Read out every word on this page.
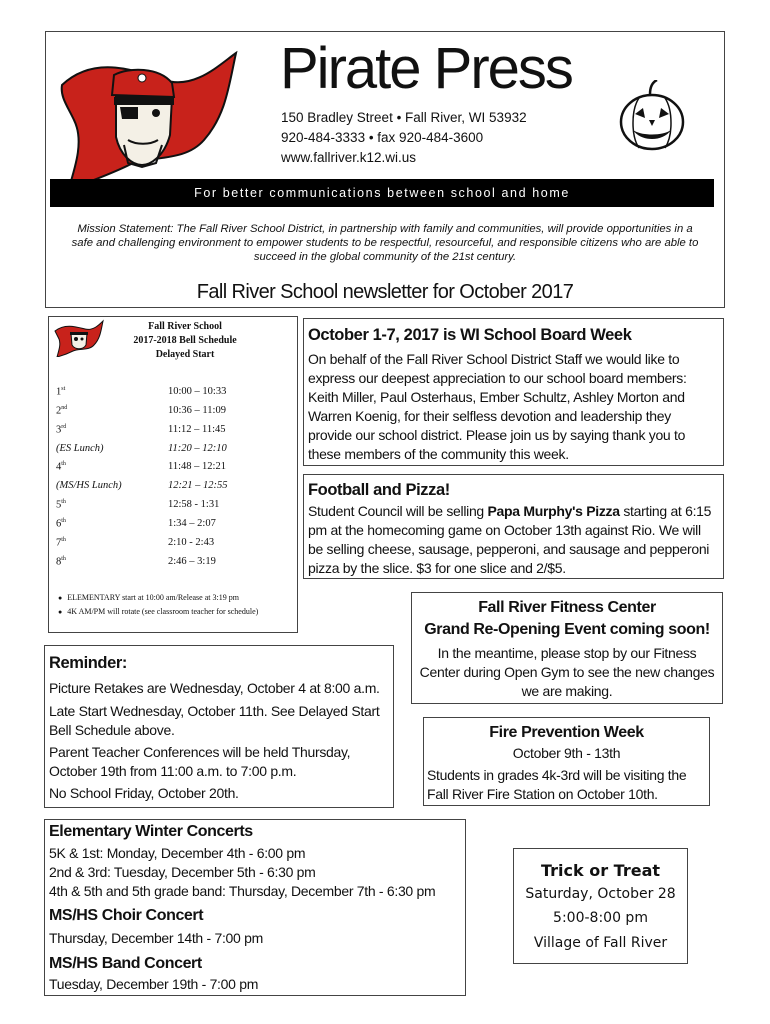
Pirate Press
150 Bradley Street • Fall River, WI 53932
920-484-3333 • fax 920-484-3600
www.fallriver.k12.wi.us
For better communications between school and home
Mission Statement: The Fall River School District, in partnership with family and communities, will provide opportunities in a safe and challenging environment to empower students to be respectful, resourceful, and responsible citizens who are able to succeed in the global community of the 21st century.
Fall River School newsletter for October 2017
Fall River School
2017-2018 Bell Schedule
Delayed Start
1st	10:00 – 10:33
2nd	10:36 – 11:09
3rd	11:12 – 11:45
(ES Lunch)	11:20 – 12:10
4th	11:48 – 12:21
(MS/HS Lunch)	12:21 – 12:55
5th	12:58 - 1:31
6th	1:34 – 2:07
7th	2:10 - 2:43
8th	2:46 – 3:19
● ELEMENTARY start at 10:00 am/Release at 3:19 pm
● 4K AM/PM will rotate (see classroom teacher for schedule)
October 1-7, 2017 is WI School Board Week
On behalf of the Fall River School District Staff we would like to express our deepest appreciation to our school board members: Keith Miller, Paul Osterhaus, Ember Schultz, Ashley Morton and Warren Koenig, for their selfless devotion and leadership they provide our school district. Please join us by saying thank you to these members of the community this week.
Football and Pizza!
Student Council will be selling Papa Murphy's Pizza starting at 6:15 pm at the homecoming game on October 13th against Rio. We will be selling cheese, sausage, pepperoni, and sausage and pepperoni pizza by the slice. $3 for one slice and 2/$5.
Fall River Fitness Center
Grand Re-Opening Event coming soon!
In the meantime, please stop by our Fitness Center during Open Gym to see the new changes we are making.
Reminder:
Picture Retakes are Wednesday, October 4 at 8:00 a.m.
Late Start Wednesday, October 11th. See Delayed Start Bell Schedule above.
Parent Teacher Conferences will be held Thursday, October 19th from 11:00 a.m. to 7:00 p.m.
No School Friday, October 20th.
Fire Prevention Week
October 9th - 13th
Students in grades 4k-3rd will be visiting the Fall River Fire Station on October 10th.
Elementary Winter Concerts
5K & 1st: Monday, December 4th - 6:00 pm
2nd & 3rd: Tuesday, December 5th - 6:30 pm
4th & 5th and 5th grade band: Thursday, December 7th - 6:30 pm
MS/HS Choir Concert
Thursday, December 14th - 7:00 pm
MS/HS Band Concert
Tuesday, December 19th - 7:00 pm
Trick or Treat
Saturday, October 28
5:00-8:00 pm
Village of Fall River
